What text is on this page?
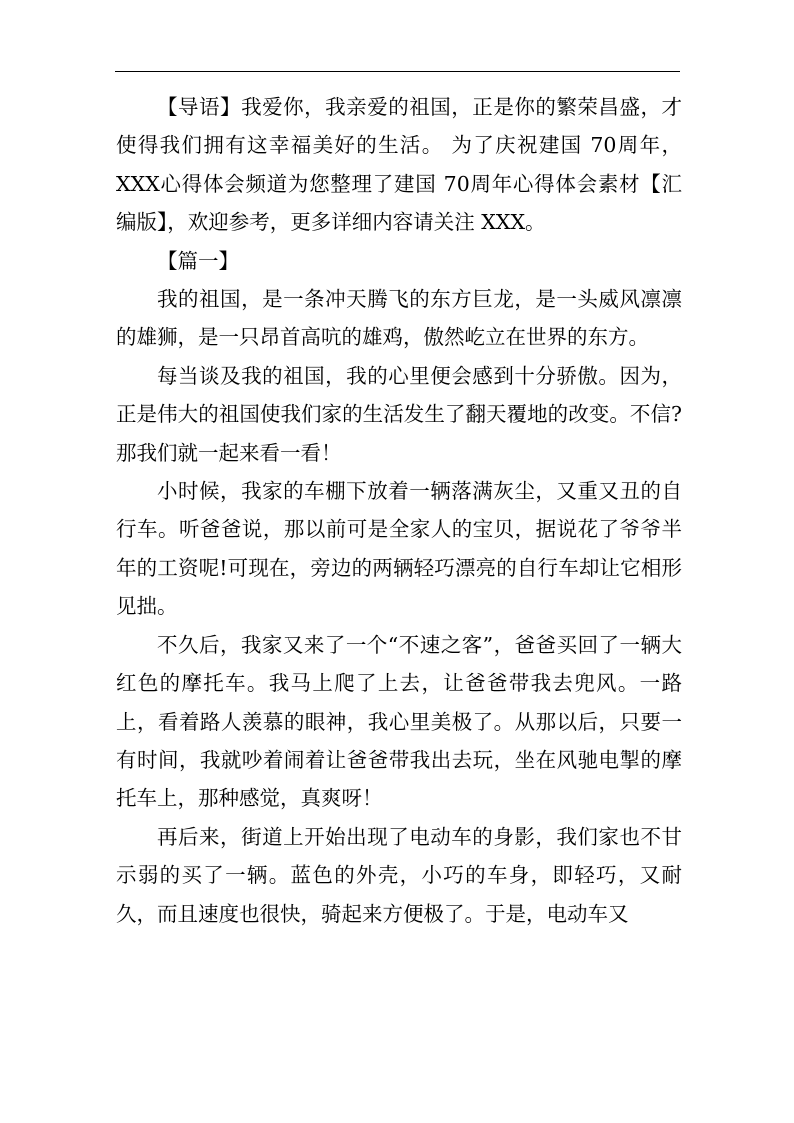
【导语】我爱你，我亲爱的祖国，正是你的繁荣昌盛，才使得我们拥有这幸福美好的生活。 为了庆祝建国 70周年，XXX心得体会频道为您整理了建国 70周年心得体会素材【汇编版】，欢迎参考，更多详细内容请关注 XXX。

【篇一】

我的祖国，是一条冲天腾飞的东方巨龙，是一头威风凛凛的雄狮，是一只昂首高吭的雄鸡，傲然屹立在世界的东方。

每当谈及我的祖国，我的心里便会感到十分骄傲。因为，正是伟大的祖国使我们家的生活发生了翻天覆地的改变。不信?那我们就一起来看一看！

小时候，我家的车棚下放着一辆落满灰尘，又重又丑的自行车。听爸爸说，那以前可是全家人的宝贝，据说花了爷爷半年的工资呢!可现在，旁边的两辆轻巧漂亮的自行车却让它相形见拙。

不久后，我家又来了一个“不速之客”，爸爸买回了一辆大红色的摩托车。我马上爬了上去，让爸爸带我去兜风。一路上，看着路人羡慕的眼神，我心里美极了。从那以后，只要一有时间，我就吵着闹着让爸爸带我出去玩，坐在风驰电掣的摩托车上，那种感觉，真爽呀！

再后来，街道上开始出现了电动车的身影，我们家也不甘示弱的买了一辆。蓝色的外壳，小巧的车身，即轻巧，又耐久，而且速度也很快，骑起来方便极了。于是，电动车又
